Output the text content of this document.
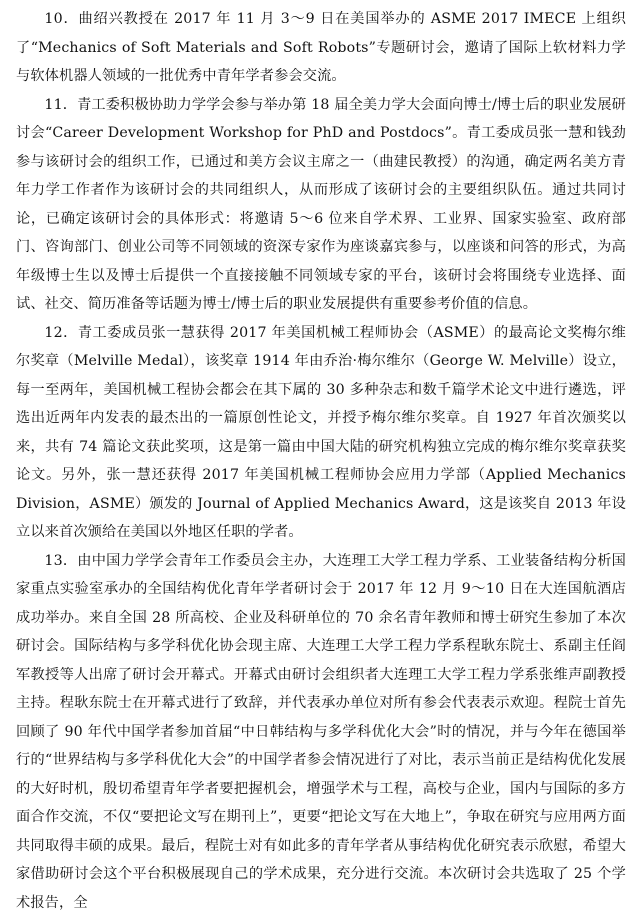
10．曲绍兴教授在 2017 年 11 月 3～9 日在美国举办的 ASME 2017 IMECE 上组织了“Mechanics of Soft Materials and Soft Robots”专题研讨会，邀请了国际上软材料力学与软体机器人领域的一批优秀中青年学者参会交流。

11．青工委积极协助力学学会参与举办第 18 届全美力学大会面向博士/博士后的职业发展研讨会“Career Development Workshop for PhD and Postdocs”。青工委成员张一慧和钱劲参与该研讨会的组织工作，已通过和美方会议主席之一（曲建民教授）的沟通，确定两名美方青年力学工作者作为该研讨会的共同组织人，从而形成了该研讨会的主要组织队伍。通过共同讨论，已确定该研讨会的具体形式：将邀请 5～6 位来自学术界、工业界、国家实验室、政府部门、咨询部门、创业公司等不同领域的资深专家作为座谈嘉宾参与，以座谈和问答的形式，为高年级博士生以及博士后提供一个直接接触不同领域专家的平台，该研讨会将围绕专业选择、面试、社交、简历准备等话题为博士/博士后的职业发展提供有重要参考价值的信息。

12．青工委成员张一慧获得 2017 年美国机械工程师协会（ASME）的最高论文奖梅尔维尔奖章（Melville Medal），该奖章 1914 年由乔治·梅尔维尔（George W. Melville）设立，每一至两年，美国机械工程协会都会在其下属的 30 多种杂志和数千篇学术论文中进行遴选，评选出近两年内发表的最杰出的一篇原创性论文，并授予梅尔维尔奖章。自 1927 年首次颁奖以来，共有 74 篇论文获此奖项，这是第一篇由中国大陆的研究机构独立完成的梅尔维尔奖章获奖论文。另外，张一慧还获得 2017 年美国机械工程师协会应用力学部（Applied Mechanics Division，ASME）颁发的 Journal of Applied Mechanics Award，这是该奖自 2013 年设立以来首次颁给在美国以外地区任职的学者。

13．由中国力学学会青年工作委员会主办，大连理工大学工程力学系、工业装备结构分析国家重点实验室承办的全国结构优化青年学者研讨会于 2017 年 12 月 9～10 日在大连国航酒店成功举办。来自全国 28 所高校、企业及科研单位的 70 余名青年教师和博士研究生参加了本次研讨会。国际结构与多学科优化协会现主席、大连理工大学工程力学系程耿东院士、系副主任阎军教授等人出席了研讨会开幕式。开幕式由研讨会组织者大连理工大学工程力学系张维声副教授主持。程耿东院士在开幕式进行了致辞，并代表承办单位对所有参会代表表示欢迎。程院士首先回顾了 90 年代中国学者参加首届“中日韩结构与多学科优化大会”时的情况，并与今年在德国举行的“世界结构与多学科优化大会”的中国学者参会情况进行了对比，表示当前正是结构优化发展的大好时机，殷切希望青年学者要把握机会，增强学术与工程，高校与企业，国内与国际的多方面合作交流，不仅“要把论文写在期刊上”，更要“把论文写在大地上”，争取在研究与应用两方面共同取得丰硕的成果。最后，程院士对有如此多的青年学者从事结构优化研究表示欣慰，希望大家借助研讨会这个平台积极展现自己的学术成果，充分进行交流。本次研讨会共选取了 25 个学术报告，全
